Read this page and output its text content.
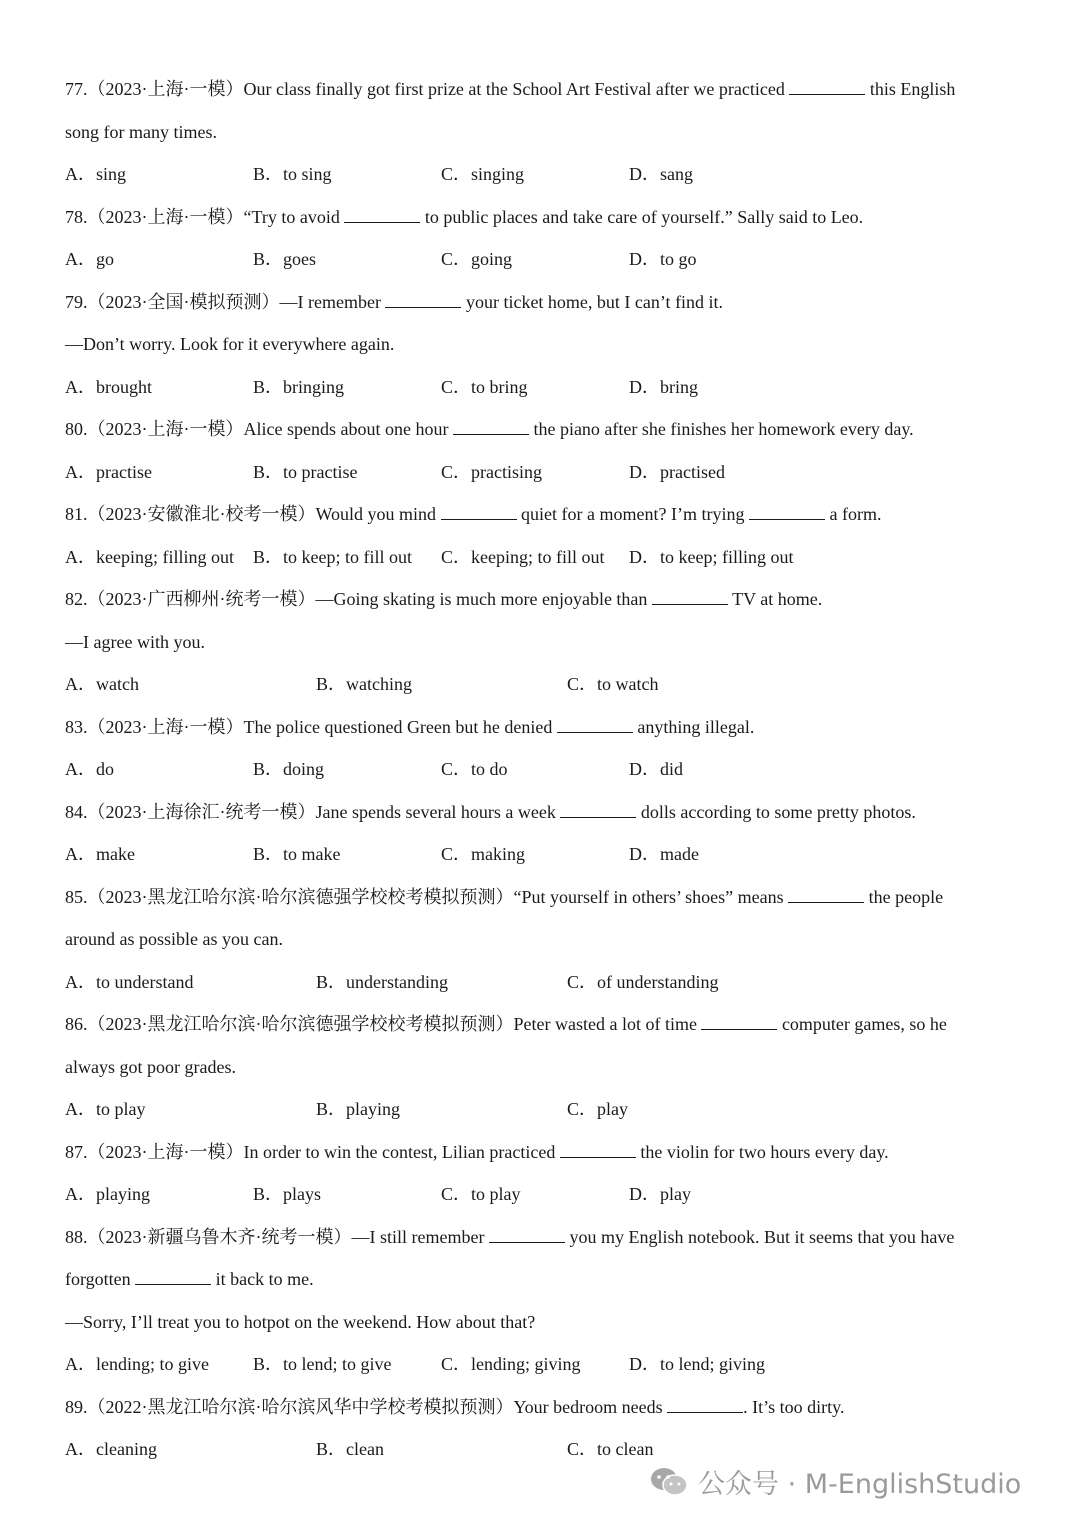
77.（2023·上海·一模）Our class finally got first prize at the School Art Festival after we practiced	this English
song for many times.
A．sing	B．to sing	C．singing	D．sang
78.（2023·上海·一模）“Try to avoid	to public places and take care of yourself.” Sally said to Leo.
A．go	B．goes	C．going	D．to go
79.（2023·全国·模拟预测）—I remember	your ticket home, but I can’t find it.
—Don’t worry. Look for it everywhere again.
A．brought	B．bringing	C．to bring	D．bring
80.（2023·上海·一模）Alice spends about one hour	the piano after she finishes her homework every day.
A．practise	B．to practise	C．practising	D．practised
81.（2023·安徽淮北·校考一模）Would you mind	quiet for a moment? I’m trying	a form.
A．keeping; filling out	B．to keep; to fill out	C．keeping; to fill out	D．to keep; filling out
82.（2023·广西柳州·统考一模）—Going skating is much more enjoyable than	TV at home.
—I agree with you.
A．watch	B．watching	C．to watch
83.（2023·上海·一模）The police questioned Green but he denied	anything illegal.
A．do	B．doing	C．to do	D．did
84.（2023·上海徐汇·统考一模）Jane spends several hours a week	dolls according to some pretty photos.
A．make	B．to make	C．making	D．made
85.（2023·黑龙江哈尔滨·哈尔滨德强学校校考模拟预测）“Put yourself in others’ shoes” means	the people
around as possible as you can.
A．to understand	B．understanding	C．of understanding
86.（2023·黑龙江哈尔滨·哈尔滨德强学校校考模拟预测）Peter wasted a lot of time	computer games, so he
always got poor grades.
A．to play	B．playing	C．play
87.（2023·上海·一模）In order to win the contest, Lilian practiced	the violin for two hours every day.
A．playing	B．plays	C．to play	D．play
88.（2023·新疆乌鲁木齐·统考一模）—I still remember	you my English notebook. But it seems that you have
forgotten	it back to me.
—Sorry, I’ll treat you to hotpot on the weekend. How about that?
A．lending; to give	B．to lend; to give	C．lending; giving	D．to lend; giving
89.（2022·黑龙江哈尔滨·哈尔滨风华中学校考模拟预测）Your bedroom needs	. It’s too dirty.
A．cleaning	B．clean	C．to clean
公众号 · M-EnglishStudio
